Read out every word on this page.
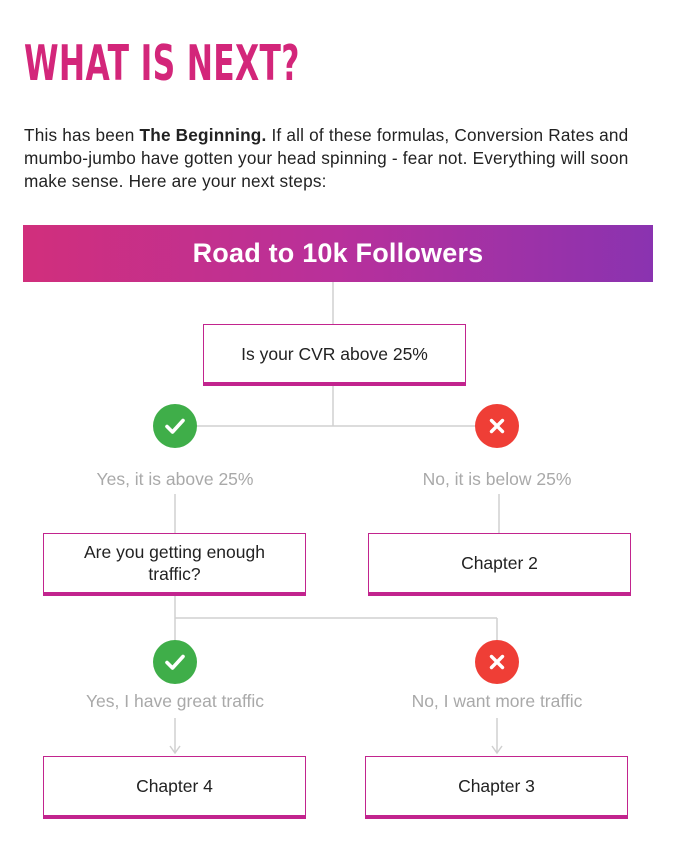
WHAT IS NEXT?

This has been The Beginning. If all of these formulas, Conversion Rates and mumbo-jumbo have gotten your head spinning - fear not. Everything will soon make sense. Here are your next steps:

Road to 10k Followers
Is your CVR above 25%
Yes, it is above 25%	No, it is below 25%
Are you getting enough traffic?
Chapter 2
Yes, I have great traffic	No, I want more traffic
Chapter 4	Chapter 3
